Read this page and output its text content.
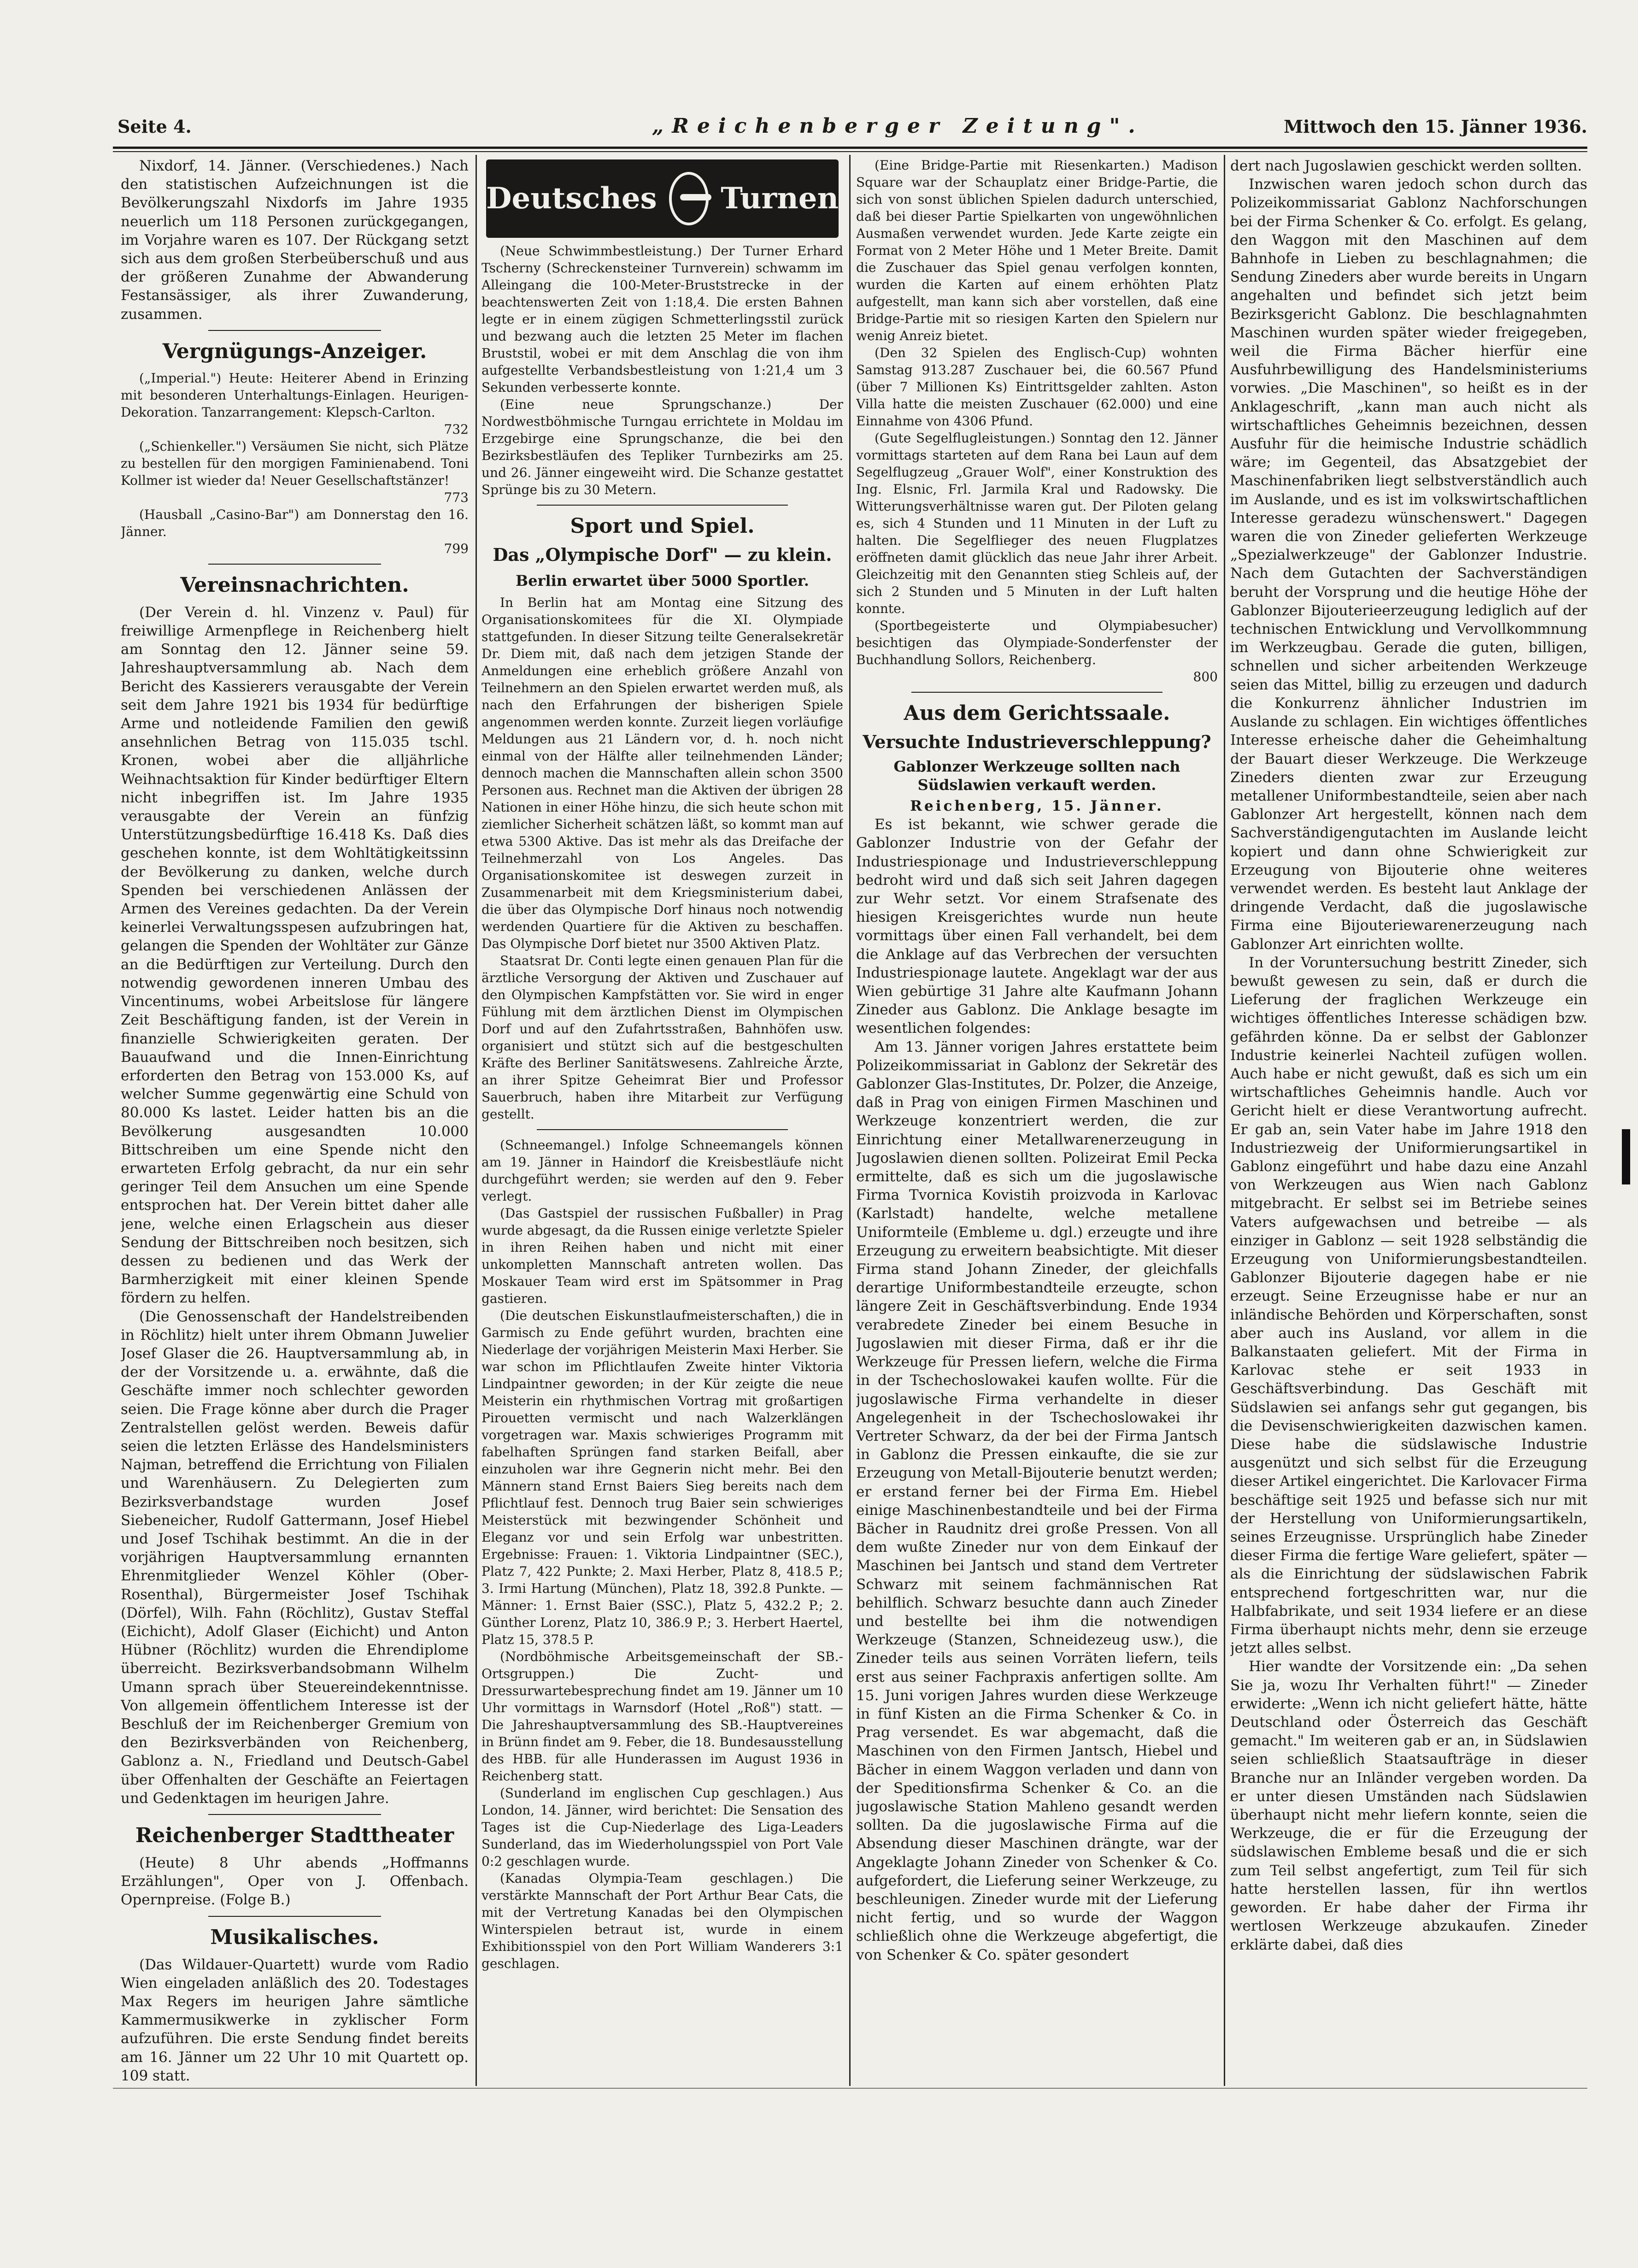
Seite 4.	„Reichenberger Zeitung".	Mittwoch den 15. Jänner 1936.

Nixdorf, 14. Jänner. (Verschiedenes.) Nach den statistischen Aufzeichnungen ist die Bevölkerungszahl Nixdorfs im Jahre 1935 neuerlich um 118 Personen zurückgegangen, im Vorjahre waren es 107. Der Rückgang setzt sich aus dem großen Sterbeüberschuß und aus der größeren Zunahme der Abwanderung Festansässiger, als ihrer Zuwanderung, zusammen.

Vergnügungs-Anzeiger.

(„Imperial.") Heute: Heiterer Abend in Erinzing mit besonderen Unterhaltungs-Einlagen. Heurigen-Dekoration. Tanzarrangement: Klepsch-Carlton.

732

(„Schienkeller.") Versäumen Sie nicht, sich Plätze zu bestellen für den morgigen Faminienabend. Toni Kollmer ist wieder da! Neuer Gesellschaftstänzer!

773

(Hausball „Casino-Bar") am Donnerstag den 16. Jänner.

799
Vereinsnachrichten.

(Der Verein d. hl. Vinzenz v. Paul) für freiwillige Armenpflege in Reichenberg hielt am Sonntag den 12. Jänner seine 59. Jahreshauptversammlung ab. Nach dem Bericht des Kassierers verausgabte der Verein seit dem Jahre 1921 bis 1934 für bedürftige Arme und notleidende Familien den gewiß ansehnlichen Betrag von 115.035 tschl. Kronen, wobei aber die alljährliche Weihnachtsaktion für Kinder bedürftiger Eltern nicht inbegriffen ist. Im Jahre 1935 verausgabte der Verein an fünfzig Unterstützungsbedürftige 16.418 Ks. Daß dies geschehen konnte, ist dem Wohltätigkeitssinn der Bevölkerung zu danken, welche durch Spenden bei verschiedenen Anlässen der Armen des Vereines gedachten. Da der Verein keinerlei Verwaltungsspesen aufzubringen hat, gelangen die Spenden der Wohltäter zur Gänze an die Bedürftigen zur Verteilung. Durch den notwendig gewordenen inneren Umbau des Vincentinums, wobei Arbeitslose für längere Zeit Beschäftigung fanden, ist der Verein in finanzielle Schwierigkeiten geraten. Der Bauaufwand und die Innen-Einrichtung erforderten den Betrag von 153.000 Ks, auf welcher Summe gegenwärtig eine Schuld von 80.000 Ks lastet. Leider hatten bis an die Bevölkerung ausgesandten 10.000 Bittschreiben um eine Spende nicht den erwarteten Erfolg gebracht, da nur ein sehr geringer Teil dem Ansuchen um eine Spende entsprochen hat. Der Verein bittet daher alle jene, welche einen Erlagschein aus dieser Sendung der Bittschreiben noch besitzen, sich dessen zu bedienen und das Werk der Barmherzigkeit mit einer kleinen Spende fördern zu helfen.

(Die Genossenschaft der Handelstreibenden in Röchlitz) hielt unter ihrem Obmann Juwelier Josef Glaser die 26. Hauptversammlung ab, in der der Vorsitzende u. a. erwähnte, daß die Geschäfte immer noch schlechter geworden seien. Die Frage könne aber durch die Prager Zentralstellen gelöst werden. Beweis dafür seien die letzten Erlässe des Handelsministers Najman, betreffend die Errichtung von Filialen und Warenhäusern. Zu Delegierten zum Bezirksverbandstage wurden Josef Siebeneicher, Rudolf Gattermann, Josef Hiebel und Josef Tschihak bestimmt. An die in der vorjährigen Hauptversammlung ernannten Ehrenmitglieder Wenzel Köhler (Ober-Rosenthal), Bürgermeister Josef Tschihak (Dörfel), Wilh. Fahn (Röchlitz), Gustav Steffal (Eichicht), Adolf Glaser (Eichicht) und Anton Hübner (Röchlitz) wurden die Ehrendiplome überreicht. Bezirksverbandsobmann Wilhelm Umann sprach über Steuereindekenntnisse. Von allgemein öffentlichem Interesse ist der Beschluß der im Reichenberger Gremium von den Bezirksverbänden von Reichenberg, Gablonz a. N., Friedland und Deutsch-Gabel über Offenhalten der Geschäfte an Feiertagen und Gedenktagen im heurigen Jahre.

Reichenberger Stadttheater

(Heute) 8 Uhr abends „Hoffmanns Erzählungen", Oper von J. Offenbach. Opernpreise. (Folge B.)

Musikalisches.

(Das Wildauer-Quartett) wurde vom Radio Wien eingeladen anläßlich des 20. Todestages Max Regers im heurigen Jahre sämtliche Kammermusikwerke in zyklischer Form aufzuführen. Die erste Sendung findet bereits am 16. Jänner um 22 Uhr 10 mit Quartett op. 109 statt.

Deutsches Turnen

(Neue Schwimmbestleistung.) Der Turner Erhard Tscherny (Schreckensteiner Turnverein) schwamm im Alleingang die 100-Meter-Bruststrecke in der beachtenswerten Zeit von 1:18,4. Die ersten Bahnen legte er in einem zügigen Schmetterlingsstil zurück und bezwang auch die letzten 25 Meter im flachen Bruststil, wobei er mit dem Anschlag die von ihm aufgestellte Verbandsbestleistung von 1:21,4 um 3 Sekunden verbesserte konnte.

(Eine neue Sprungschanze.) Der Nordwestböhmische Turngau errichtete in Moldau im Erzgebirge eine Sprungschanze, die bei den Bezirksbestläufen des Tepliker Turnbezirks am 25. und 26. Jänner eingeweiht wird. Die Schanze gestattet Sprünge bis zu 30 Metern.

Sport und Spiel.
Das „Olympische Dorf" — zu klein.
Berlin erwartet über 5000 Sportler.

In Berlin hat am Montag eine Sitzung des Organisationskomitees für die XI. Olympiade stattgefunden. In dieser Sitzung teilte Generalsekretär Dr. Diem mit, daß nach dem jetzigen Stande der Anmeldungen eine erheblich größere Anzahl von Teilnehmern an den Spielen erwartet werden muß, als nach den Erfahrungen der bisherigen Spiele angenommen werden konnte. Zurzeit liegen vorläufige Meldungen aus 21 Ländern vor, d. h. noch nicht einmal von der Hälfte aller teilnehmenden Länder; dennoch machen die Mannschaften allein schon 3500 Personen aus. Rechnet man die Aktiven der übrigen 28 Nationen in einer Höhe hinzu, die sich heute schon mit ziemlicher Sicherheit schätzen läßt, so kommt man auf etwa 5300 Aktive. Das ist mehr als das Dreifache der Teilnehmerzahl von Los Angeles. Das Organisationskomitee ist deswegen zurzeit in Zusammenarbeit mit dem Kriegsministerium dabei, die über das Olympische Dorf hinaus noch notwendig werdenden Quartiere für die Aktiven zu beschaffen. Das Olympische Dorf bietet nur 3500 Aktiven Platz.

Staatsrat Dr. Conti legte einen genauen Plan für die ärztliche Versorgung der Aktiven und Zuschauer auf den Olympischen Kampfstätten vor. Sie wird in enger Fühlung mit dem ärztlichen Dienst im Olympischen Dorf und auf den Zufahrtsstraßen, Bahnhöfen usw. organisiert und stützt sich auf die bestgeschulten Kräfte des Berliner Sanitätswesens. Zahlreiche Ärzte, an ihrer Spitze Geheimrat Bier und Professor Sauerbruch, haben ihre Mitarbeit zur Verfügung gestellt.

(Schneemangel.) Infolge Schneemangels können am 19. Jänner in Haindorf die Kreisbestläufe nicht durchgeführt werden; sie werden auf den 9. Feber verlegt.

(Das Gastspiel der russischen Fußballer) in Prag wurde abgesagt, da die Russen einige verletzte Spieler in ihren Reihen haben und nicht mit einer unkompletten Mannschaft antreten wollen. Das Moskauer Team wird erst im Spätsommer in Prag gastieren.

(Die deutschen Eiskunstlaufmeisterschaften,) die in Garmisch zu Ende geführt wurden, brachten eine Niederlage der vorjährigen Meisterin Maxi Herber. Sie war schon im Pflichtlaufen Zweite hinter Viktoria Lindpaintner geworden; in der Kür zeigte die neue Meisterin ein rhythmischen Vortrag mit großartigen Pirouetten vermischt und nach Walzerklängen vorgetragen war. Maxis schwieriges Programm mit fabelhaften Sprüngen fand starken Beifall, aber einzuholen war ihre Gegnerin nicht mehr. Bei den Männern stand Ernst Baiers Sieg bereits nach dem Pflichtlauf fest. Dennoch trug Baier sein schwieriges Meisterstück mit bezwingender Schönheit und Eleganz vor und sein Erfolg war unbestritten. Ergebnisse: Frauen: 1. Viktoria Lindpaintner (SEC.), Platz 7, 422 Punkte; 2. Maxi Herber, Platz 8, 418.5 P.; 3. Irmi Hartung (München), Platz 18, 392.8 Punkte. — Männer: 1. Ernst Baier (SSC.), Platz 5, 432.2 P.; 2. Günther Lorenz, Platz 10, 386.9 P.; 3. Herbert Haertel, Platz 15, 378.5 P.

(Nordböhmische Arbeitsgemeinschaft der SB.-Ortsgruppen.) Die Zucht- und Dressurwartebesprechung findet am 19. Jänner um 10 Uhr vormittags in Warnsdorf (Hotel „Roß") statt. — Die Jahreshauptversammlung des SB.-Hauptvereines in Brünn findet am 9. Feber, die 18. Bundesausstellung des HBB. für alle Hunderassen im August 1936 in Reichenberg statt.

(Sunderland im englischen Cup geschlagen.) Aus London, 14. Jänner, wird berichtet: Die Sensation des Tages ist die Cup-Niederlage des Liga-Leaders Sunderland, das im Wiederholungsspiel von Port Vale 0:2 geschlagen wurde.

(Kanadas Olympia-Team geschlagen.) Die verstärkte Mannschaft der Port Arthur Bear Cats, die mit der Vertretung Kanadas bei den Olympischen Winterspielen betraut ist, wurde in einem Exhibitionsspiel von den Port William Wanderers 3:1 geschlagen.

(Eine Bridge-Partie mit Riesenkarten.) Madison Square war der Schauplatz einer Bridge-Partie, die sich von sonst üblichen Spielen dadurch unterschied, daß bei dieser Partie Spielkarten von ungewöhnlichen Ausmaßen verwendet wurden. Jede Karte zeigte ein Format von 2 Meter Höhe und 1 Meter Breite. Damit die Zuschauer das Spiel genau verfolgen konnten, wurden die Karten auf einem erhöhten Platz aufgestellt, man kann sich aber vorstellen, daß eine Bridge-Partie mit so riesigen Karten den Spielern nur wenig Anreiz bietet.

(Den 32 Spielen des Englisch-Cup) wohnten Samstag 913.287 Zuschauer bei, die 60.567 Pfund (über 7 Millionen Ks) Eintrittsgelder zahlten. Aston Villa hatte die meisten Zuschauer (62.000) und eine Einnahme von 4306 Pfund.

(Gute Segelflugleistungen.) Sonntag den 12. Jänner vormittags starteten auf dem Rana bei Laun auf dem Segelflugzeug „Grauer Wolf", einer Konstruktion des Ing. Elsnic, Frl. Jarmila Kral und Radowsky. Die Witterungsverhältnisse waren gut. Der Piloten gelang es, sich 4 Stunden und 11 Minuten in der Luft zu halten. Die Segelflieger des neuen Flugplatzes eröffneten damit glücklich das neue Jahr ihrer Arbeit. Gleichzeitig mit den Genannten stieg Schleis auf, der sich 2 Stunden und 5 Minuten in der Luft halten konnte.

(Sportbegeisterte und Olympiabesucher) besichtigen das Olympiade-Sonderfenster der Buchhandlung Sollors, Reichenberg.

800
Aus dem Gerichtssaale.
Versuchte Industrieverschleppung?
Gablonzer Werkzeuge sollten nach Südslawien verkauft werden.
Reichenberg, 15. Jänner.

Es ist bekannt, wie schwer gerade die Gablonzer Industrie von der Gefahr der Industriespionage und Industrieverschleppung bedroht wird und daß sich seit Jahren dagegen zur Wehr setzt. Vor einem Strafsenate des hiesigen Kreisgerichtes wurde nun heute vormittags über einen Fall verhandelt, bei dem die Anklage auf das Verbrechen der versuchten Industriespionage lautete. Angeklagt war der aus Wien gebürtige 31 Jahre alte Kaufmann Johann Zineder aus Gablonz. Die Anklage besagte im wesentlichen folgendes:

Am 13. Jänner vorigen Jahres erstattete beim Polizeikommissariat in Gablonz der Sekretär des Gablonzer Glas-Institutes, Dr. Polzer, die Anzeige, daß in Prag von einigen Firmen Maschinen und Werkzeuge konzentriert werden, die zur Einrichtung einer Metallwarenerzeugung in Jugoslawien dienen sollten. Polizeirat Emil Pecka ermittelte, daß es sich um die jugoslawische Firma Tvornica Kovistih proizvoda in Karlovac (Karlstadt) handelte, welche metallene Uniformteile (Embleme u. dgl.) erzeugte und ihre Erzeugung zu erweitern beabsichtigte. Mit dieser Firma stand Johann Zineder, der gleichfalls derartige Uniformbestandteile erzeugte, schon längere Zeit in Geschäftsverbindung. Ende 1934 verabredete Zineder bei einem Besuche in Jugoslawien mit dieser Firma, daß er ihr die Werkzeuge für Pressen liefern, welche die Firma in der Tschechoslowakei kaufen wollte. Für die jugoslawische Firma verhandelte in dieser Angelegenheit in der Tschechoslowakei ihr Vertreter Schwarz, da der bei der Firma Jantsch in Gablonz die Pressen einkaufte, die sie zur Erzeugung von Metall-Bijouterie benutzt werden; er erstand ferner bei der Firma Em. Hiebel einige Maschinenbestandteile und bei der Firma Bächer in Raudnitz drei große Pressen. Von all dem wußte Zineder nur von dem Einkauf der Maschinen bei Jantsch und stand dem Vertreter Schwarz mit seinem fachmännischen Rat behilflich. Schwarz besuchte dann auch Zineder und bestellte bei ihm die notwendigen Werkzeuge (Stanzen, Schneidezeug usw.), die Zineder teils aus seinen Vorräten liefern, teils erst aus seiner Fachpraxis anfertigen sollte. Am 15. Juni vorigen Jahres wurden diese Werkzeuge in fünf Kisten an die Firma Schenker & Co. in Prag versendet. Es war abgemacht, daß die Maschinen von den Firmen Jantsch, Hiebel und Bächer in einem Waggon verladen und dann von der Speditionsfirma Schenker & Co. an die jugoslawische Station Mahleno gesandt werden sollten. Da die jugoslawische Firma auf die Absendung dieser Maschinen drängte, war der Angeklagte Johann Zineder von Schenker & Co. aufgefordert, die Lieferung seiner Werkzeuge, zu beschleunigen. Zineder wurde mit der Lieferung nicht fertig, und so wurde der Waggon schließlich ohne die Werkzeuge abgefertigt, die von Schenker & Co. später gesondert

dert nach Jugoslawien geschickt werden sollten.

Inzwischen waren jedoch schon durch das Polizeikommissariat Gablonz Nachforschungen bei der Firma Schenker & Co. erfolgt. Es gelang, den Waggon mit den Maschinen auf dem Bahnhofe in Lieben zu beschlagnahmen; die Sendung Zineders aber wurde bereits in Ungarn angehalten und befindet sich jetzt beim Bezirksgericht Gablonz. Die beschlagnahmten Maschinen wurden später wieder freigegeben, weil die Firma Bächer hierfür eine Ausfuhrbewilligung des Handelsministeriums vorwies. „Die Maschinen", so heißt es in der Anklageschrift, „kann man auch nicht als wirtschaftliches Geheimnis bezeichnen, dessen Ausfuhr für die heimische Industrie schädlich wäre; im Gegenteil, das Absatzgebiet der Maschinenfabriken liegt selbstverständlich auch im Auslande, und es ist im volkswirtschaftlichen Interesse geradezu wünschenswert." Dagegen waren die von Zineder gelieferten Werkzeuge „Spezialwerkzeuge" der Gablonzer Industrie. Nach dem Gutachten der Sachverständigen beruht der Vorsprung und die heutige Höhe der Gablonzer Bijouterieerzeugung lediglich auf der technischen Entwicklung und Vervollkommnung im Werkzeugbau. Gerade die guten, billigen, schnellen und sicher arbeitenden Werkzeuge seien das Mittel, billig zu erzeugen und dadurch die Konkurrenz ähnlicher Industrien im Auslande zu schlagen. Ein wichtiges öffentliches Interesse erheische daher die Geheimhaltung der Bauart dieser Werkzeuge. Die Werkzeuge Zineders dienten zwar zur Erzeugung metallener Uniformbestandteile, seien aber nach Gablonzer Art hergestellt, können nach dem Sachverständigengutachten im Auslande leicht kopiert und dann ohne Schwierigkeit zur Erzeugung von Bijouterie ohne weiteres verwendet werden. Es besteht laut Anklage der dringende Verdacht, daß die jugoslawische Firma eine Bijouteriewarenerzeugung nach Gablonzer Art einrichten wollte.

In der Voruntersuchung bestritt Zineder, sich bewußt gewesen zu sein, daß er durch die Lieferung der fraglichen Werkzeuge ein wichtiges öffentliches Interesse schädigen bzw. gefährden könne. Da er selbst der Gablonzer Industrie keinerlei Nachteil zufügen wollen. Auch habe er nicht gewußt, daß es sich um ein wirtschaftliches Geheimnis handle. Auch vor Gericht hielt er diese Verantwortung aufrecht. Er gab an, sein Vater habe im Jahre 1918 den Industriezweig der Uniformierungsartikel in Gablonz eingeführt und habe dazu eine Anzahl von Werkzeugen aus Wien nach Gablonz mitgebracht. Er selbst sei im Betriebe seines Vaters aufgewachsen und betreibe — als einziger in Gablonz — seit 1928 selbständig die Erzeugung von Uniformierungsbestandteilen. Gablonzer Bijouterie dagegen habe er nie erzeugt. Seine Erzeugnisse habe er nur an inländische Behörden und Körperschaften, sonst aber auch ins Ausland, vor allem in die Balkanstaaten geliefert. Mit der Firma in Karlovac stehe er seit 1933 in Geschäftsverbindung. Das Geschäft mit Südslawien sei anfangs sehr gut gegangen, bis die Devisenschwierigkeiten dazwischen kamen. Diese habe die südslawische Industrie ausgenützt und sich selbst für die Erzeugung dieser Artikel eingerichtet. Die Karlovacer Firma beschäftige seit 1925 und befasse sich nur mit der Herstellung von Uniformierungsartikeln, seines Erzeugnisse. Ursprünglich habe Zineder dieser Firma die fertige Ware geliefert, später — als die Einrichtung der südslawischen Fabrik entsprechend fortgeschritten war, nur die Halbfabrikate, und seit 1934 liefere er an diese Firma überhaupt nichts mehr, denn sie erzeuge jetzt alles selbst.

Hier wandte der Vorsitzende ein: „Da sehen Sie ja, wozu Ihr Verhalten führt!" — Zineder erwiderte: „Wenn ich nicht geliefert hätte, hätte Deutschland oder Österreich das Geschäft gemacht." Im weiteren gab er an, in Südslawien seien schließlich Staatsaufträge in dieser Branche nur an Inländer vergeben worden. Da er unter diesen Umständen nach Südslawien überhaupt nicht mehr liefern konnte, seien die Werkzeuge, die er für die Erzeugung der südslawischen Embleme besaß und die er sich zum Teil selbst angefertigt, zum Teil für sich hatte herstellen lassen, für ihn wertlos geworden. Er habe daher der Firma ihr wertlosen Werkzeuge abzukaufen. Zineder erklärte dabei, daß dies
